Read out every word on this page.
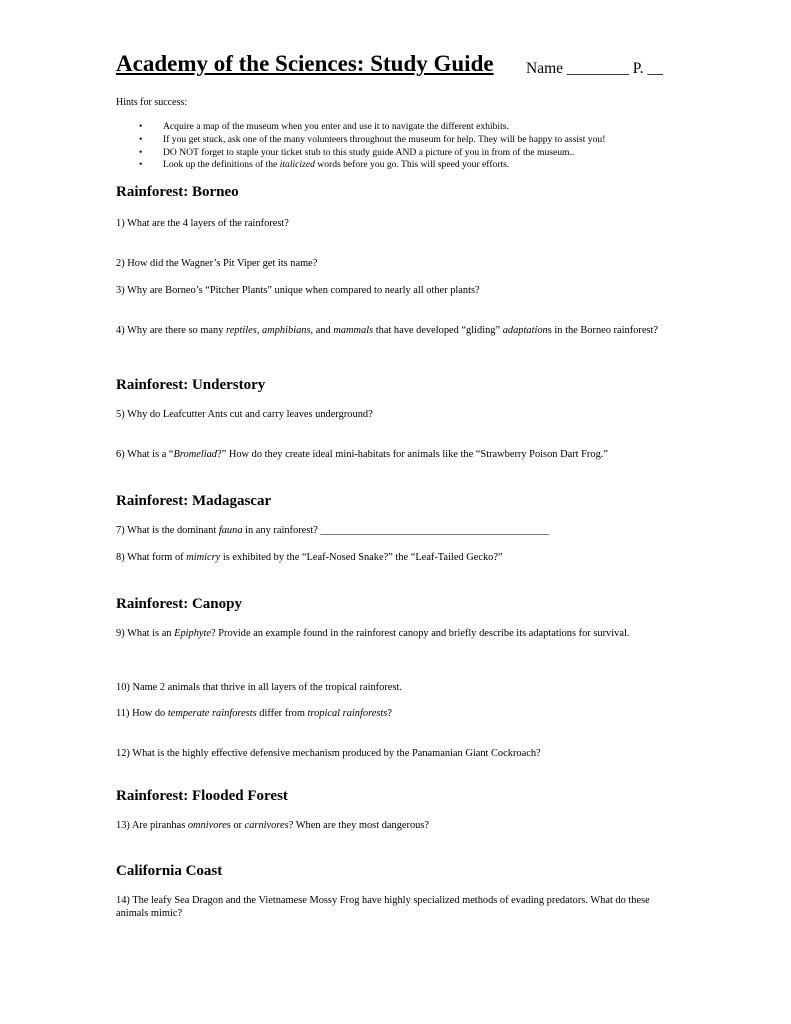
Academy of the Sciences: Study Guide Name ________ P. __
Hints for success:
• Acquire a map of the museum when you enter and use it to navigate the different exhibits.
• If you get stuck, ask one of the many volunteers throughout the museum for help. They will be happy to assist you!
• DO NOT forget to staple your ticket stub to this study guide AND a picture of you in from of the museum..
• Look up the definitions of the italicized words before you go. This will speed your efforts.
Rainforest: Borneo

1) What are the 4 layers of the rainforest?

2) How did the Wagner’s Pit Viper get its name?

3) Why are Borneo’s “Pitcher Plants” unique when compared to nearly all other plants?

4) Why are there so many reptiles, amphibians, and mammals that have developed “gliding” adaptations in the Borneo rainforest?

Rainforest: Understory

5) Why do Leafcutter Ants cut and carry leaves underground?

6) What is a “Bromeliad?” How do they create ideal mini-habitats for animals like the “Strawberry Poison Dart Frog.”

Rainforest: Madagascar

7) What is the dominant fauna in any rainforest? ____________________________________________

8) What form of mimicry is exhibited by the “Leaf-Nosed Snake?” the “Leaf-Tailed Gecko?”

Rainforest: Canopy

9) What is an Epiphyte? Provide an example found in the rainforest canopy and briefly describe its adaptations for survival.

10) Name 2 animals that thrive in all layers of the tropical rainforest.

11) How do temperate rainforests differ from tropical rainforests?

12) What is the highly effective defensive mechanism produced by the Panamanian Giant Cockroach?

Rainforest: Flooded Forest

13) Are piranhas omnivores or carnivores? When are they most dangerous?

California Coast

14) The leafy Sea Dragon and the Vietnamese Mossy Frog have highly specialized methods of evading predators. What do these animals mimic?
